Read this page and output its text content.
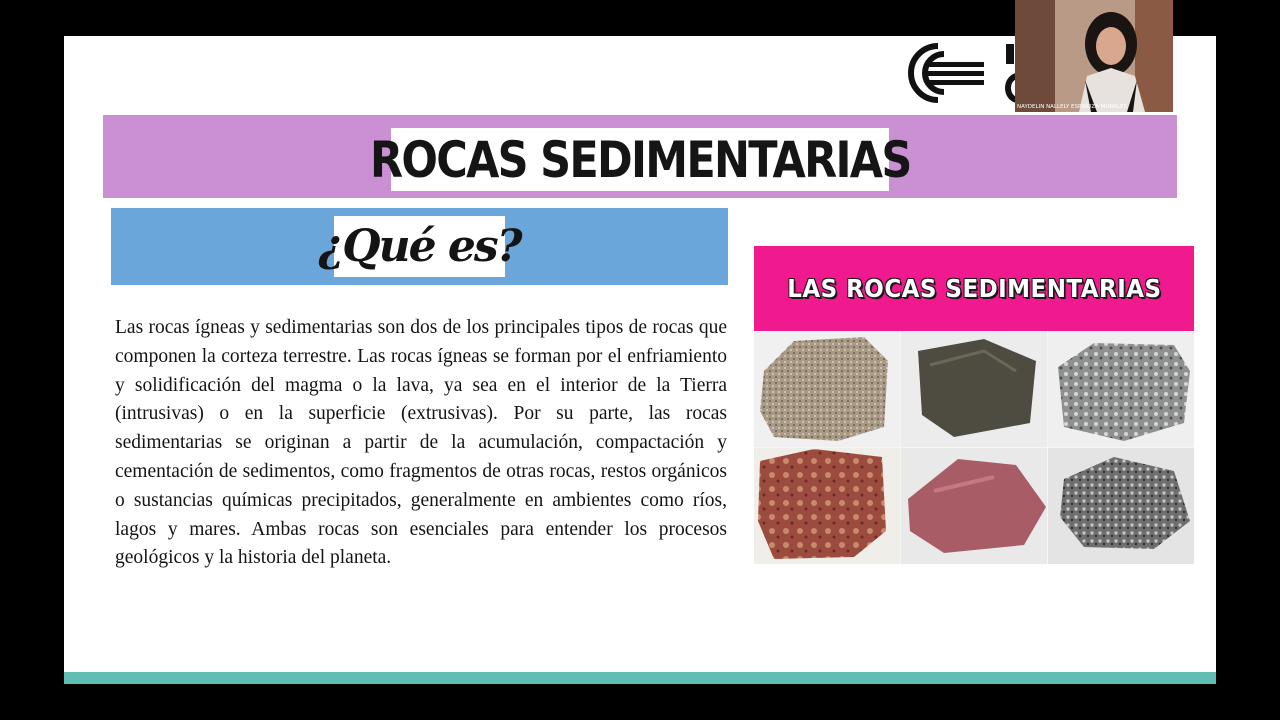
ROCAS SEDIMENTARIAS
¿Qué es?

Las rocas ígneas y sedimentarias son dos de los principales tipos de rocas que componen la corteza terrestre. Las rocas ígneas se forman por el enfriamiento y solidificación del magma o la lava, ya sea en el interior de la Tierra (intrusivas) o en la superficie (extrusivas). Por su parte, las rocas sedimentarias se originan a partir de la acumulación, compactación y cementación de sedimentos, como fragmentos de otras rocas, restos orgánicos o sustancias químicas precipitados, generalmente en ambientes como ríos, lagos y mares. Ambas rocas son esenciales para entender los procesos geológicos y la historia del planeta.

LAS ROCAS SEDIMENTARIAS
NAYDELIN NALLELY ESPINOZA MORALES
